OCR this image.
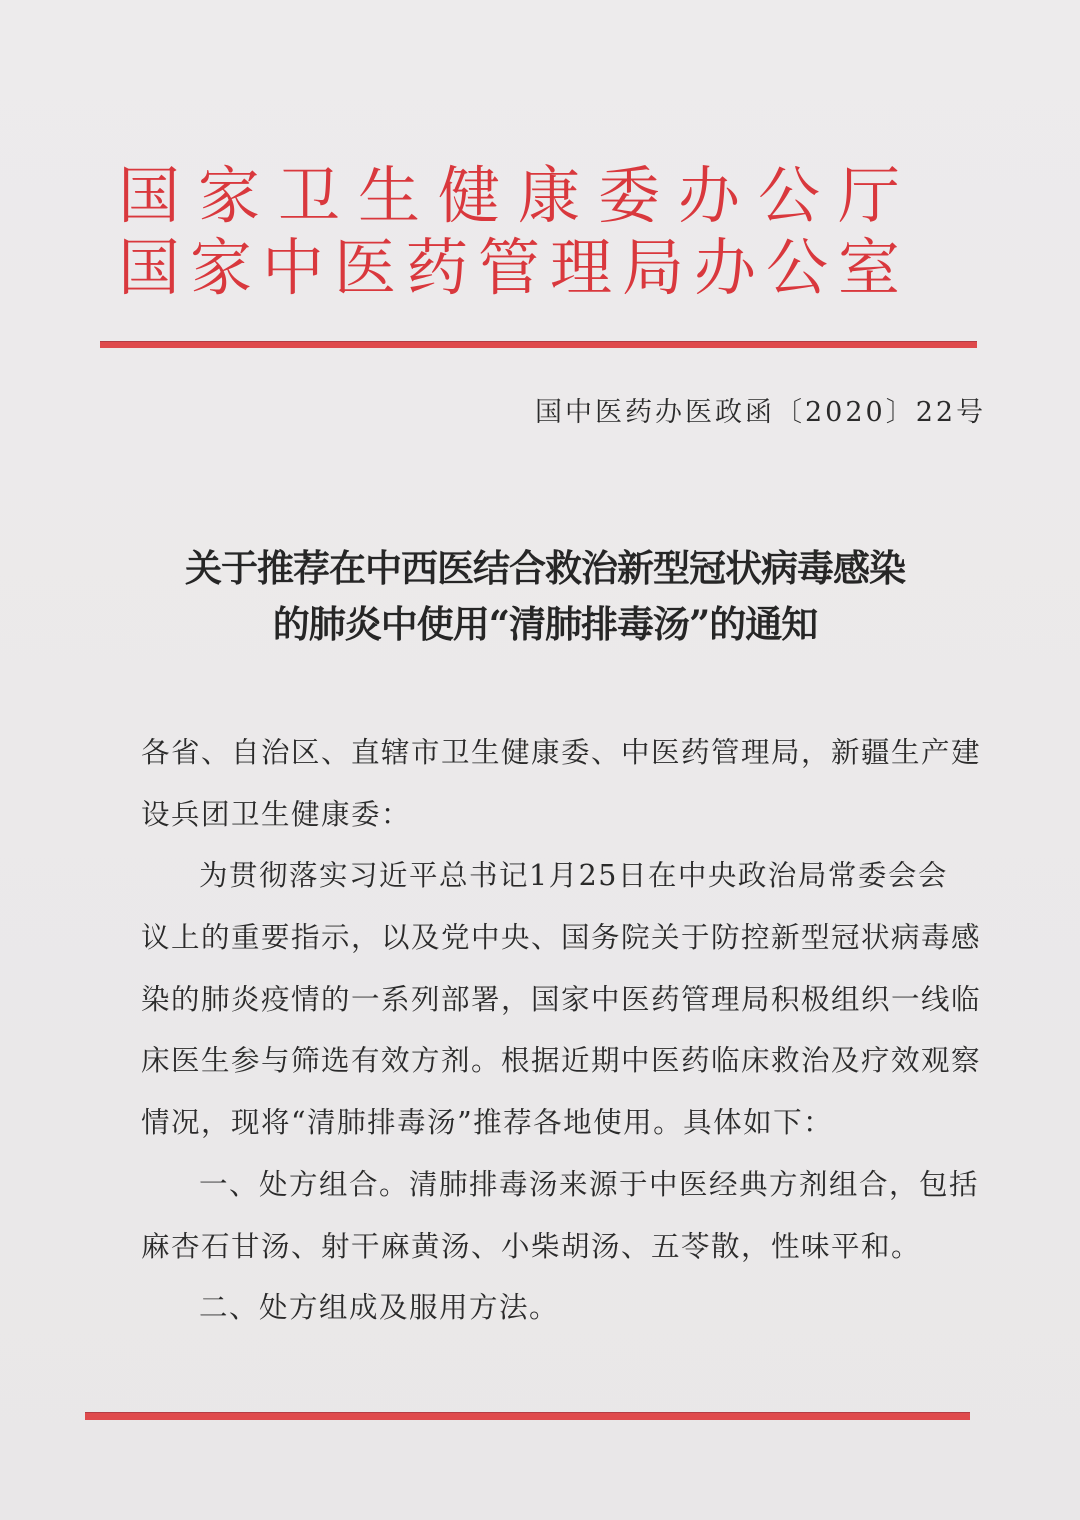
国家卫生健康委办公厅
国家中医药管理局办公室
国中医药办医政函〔2020〕22号
关于推荐在中西医结合救治新型冠状病毒感染
的肺炎中使用“清肺排毒汤”的通知
各省、自治区、直辖市卫生健康委、中医药管理局，新疆生产建
设兵团卫生健康委：
为贯彻落实习近平总书记1月25日在中央政治局常委会会
议上的重要指示，以及党中央、国务院关于防控新型冠状病毒感
染的肺炎疫情的一系列部署，国家中医药管理局积极组织一线临
床医生参与筛选有效方剂。根据近期中医药临床救治及疗效观察
情况，现将“清肺排毒汤”推荐各地使用。具体如下：
一、处方组合。清肺排毒汤来源于中医经典方剂组合，包括
麻杏石甘汤、射干麻黄汤、小柴胡汤、五苓散，性味平和。
二、处方组成及服用方法。
